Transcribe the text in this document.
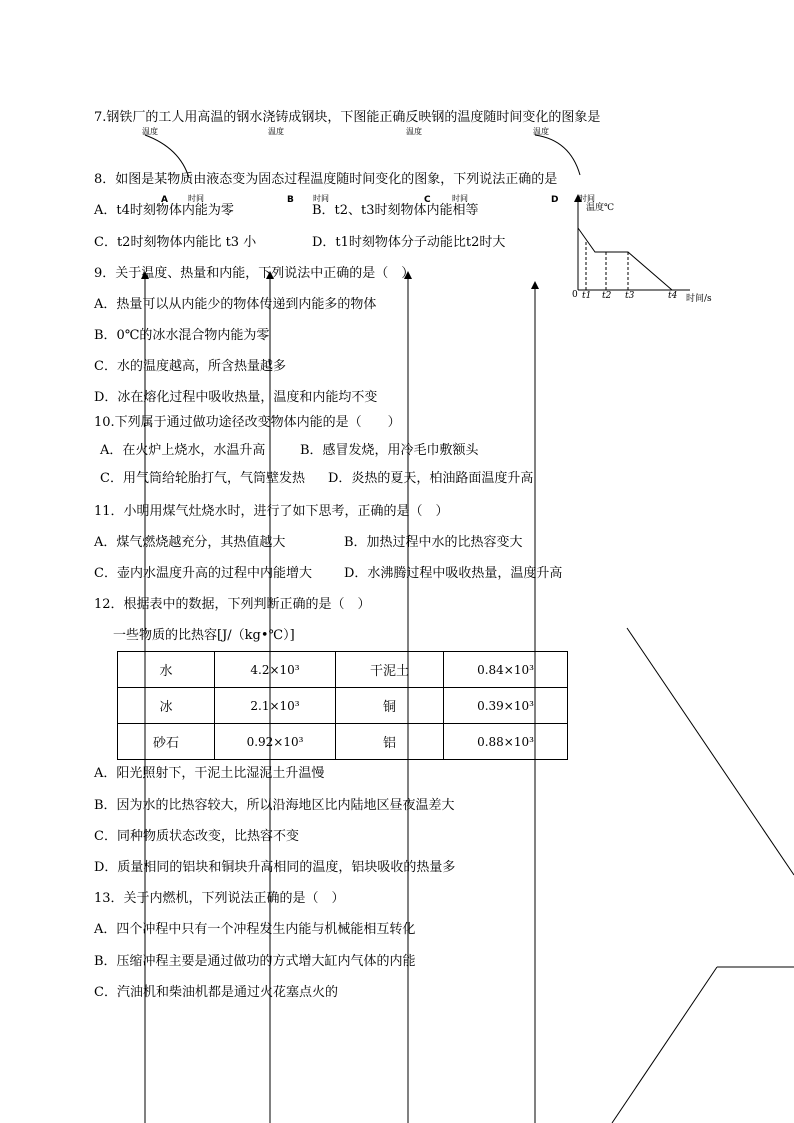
7.钢铁厂的工人用高温的钢水浇铸成钢块，下图能正确反映钢的温度随时间变化的图象是
温度	温度	温度	温度
时间	时间	时间	时间
A	B	C	D
8．如图是某物质由液态变为固态过程温度随时间变化的图象，下列说法正确的是
A．t4时刻物体内能为零	B．t2、t3时刻物体内能相等
C．t2时刻物体内能比 t3 小	D．t1时刻物体分子动能比t2时大
温度℃
0 t1 t2 t3	t4 时间/s
9．关于温度、热量和内能，下列说法中正确的是（　）
A．热量可以从内能少的物体传递到内能多的物体
B．0℃的冰水混合物内能为零
C．水的温度越高，所含热量越多
D．冰在熔化过程中吸收热量，温度和内能均不变
10.下列属于通过做功途径改变物体内能的是（　　）
A．在火炉上烧水，水温升高	B．感冒发烧，用冷毛巾敷额头
C．用气筒给轮胎打气，气筒壁发热 D．炎热的夏天，柏油路面温度升高
11．小明用煤气灶烧水时，进行了如下思考，正确的是（　）
A．煤气燃烧越充分，其热值越大	B．加热过程中水的比热容变大
C．壶内水温度升高的过程中内能增大 D．水沸腾过程中吸收热量，温度升高
12．根据表中的数据，下列判断正确的是（　）
一些物质的比热容[J/（kg•℃）]
水	4.2×10³	干泥土	0.84×10³
冰	2.1×10³	铜	0.39×10³
砂石	0.92×10³	铝	0.88×10³
A．阳光照射下，干泥土比湿泥土升温慢
B．因为水的比热容较大，所以沿海地区比内陆地区昼夜温差大
C．同种物质状态改变，比热容不变
D．质量相同的铝块和铜块升高相同的温度，铝块吸收的热量多
13．关于内燃机，下列说法正确的是（　）
A．四个冲程中只有一个冲程发生内能与机械能相互转化
B．压缩冲程主要是通过做功的方式增大缸内气体的内能
C．汽油机和柴油机都是通过火花塞点火的
